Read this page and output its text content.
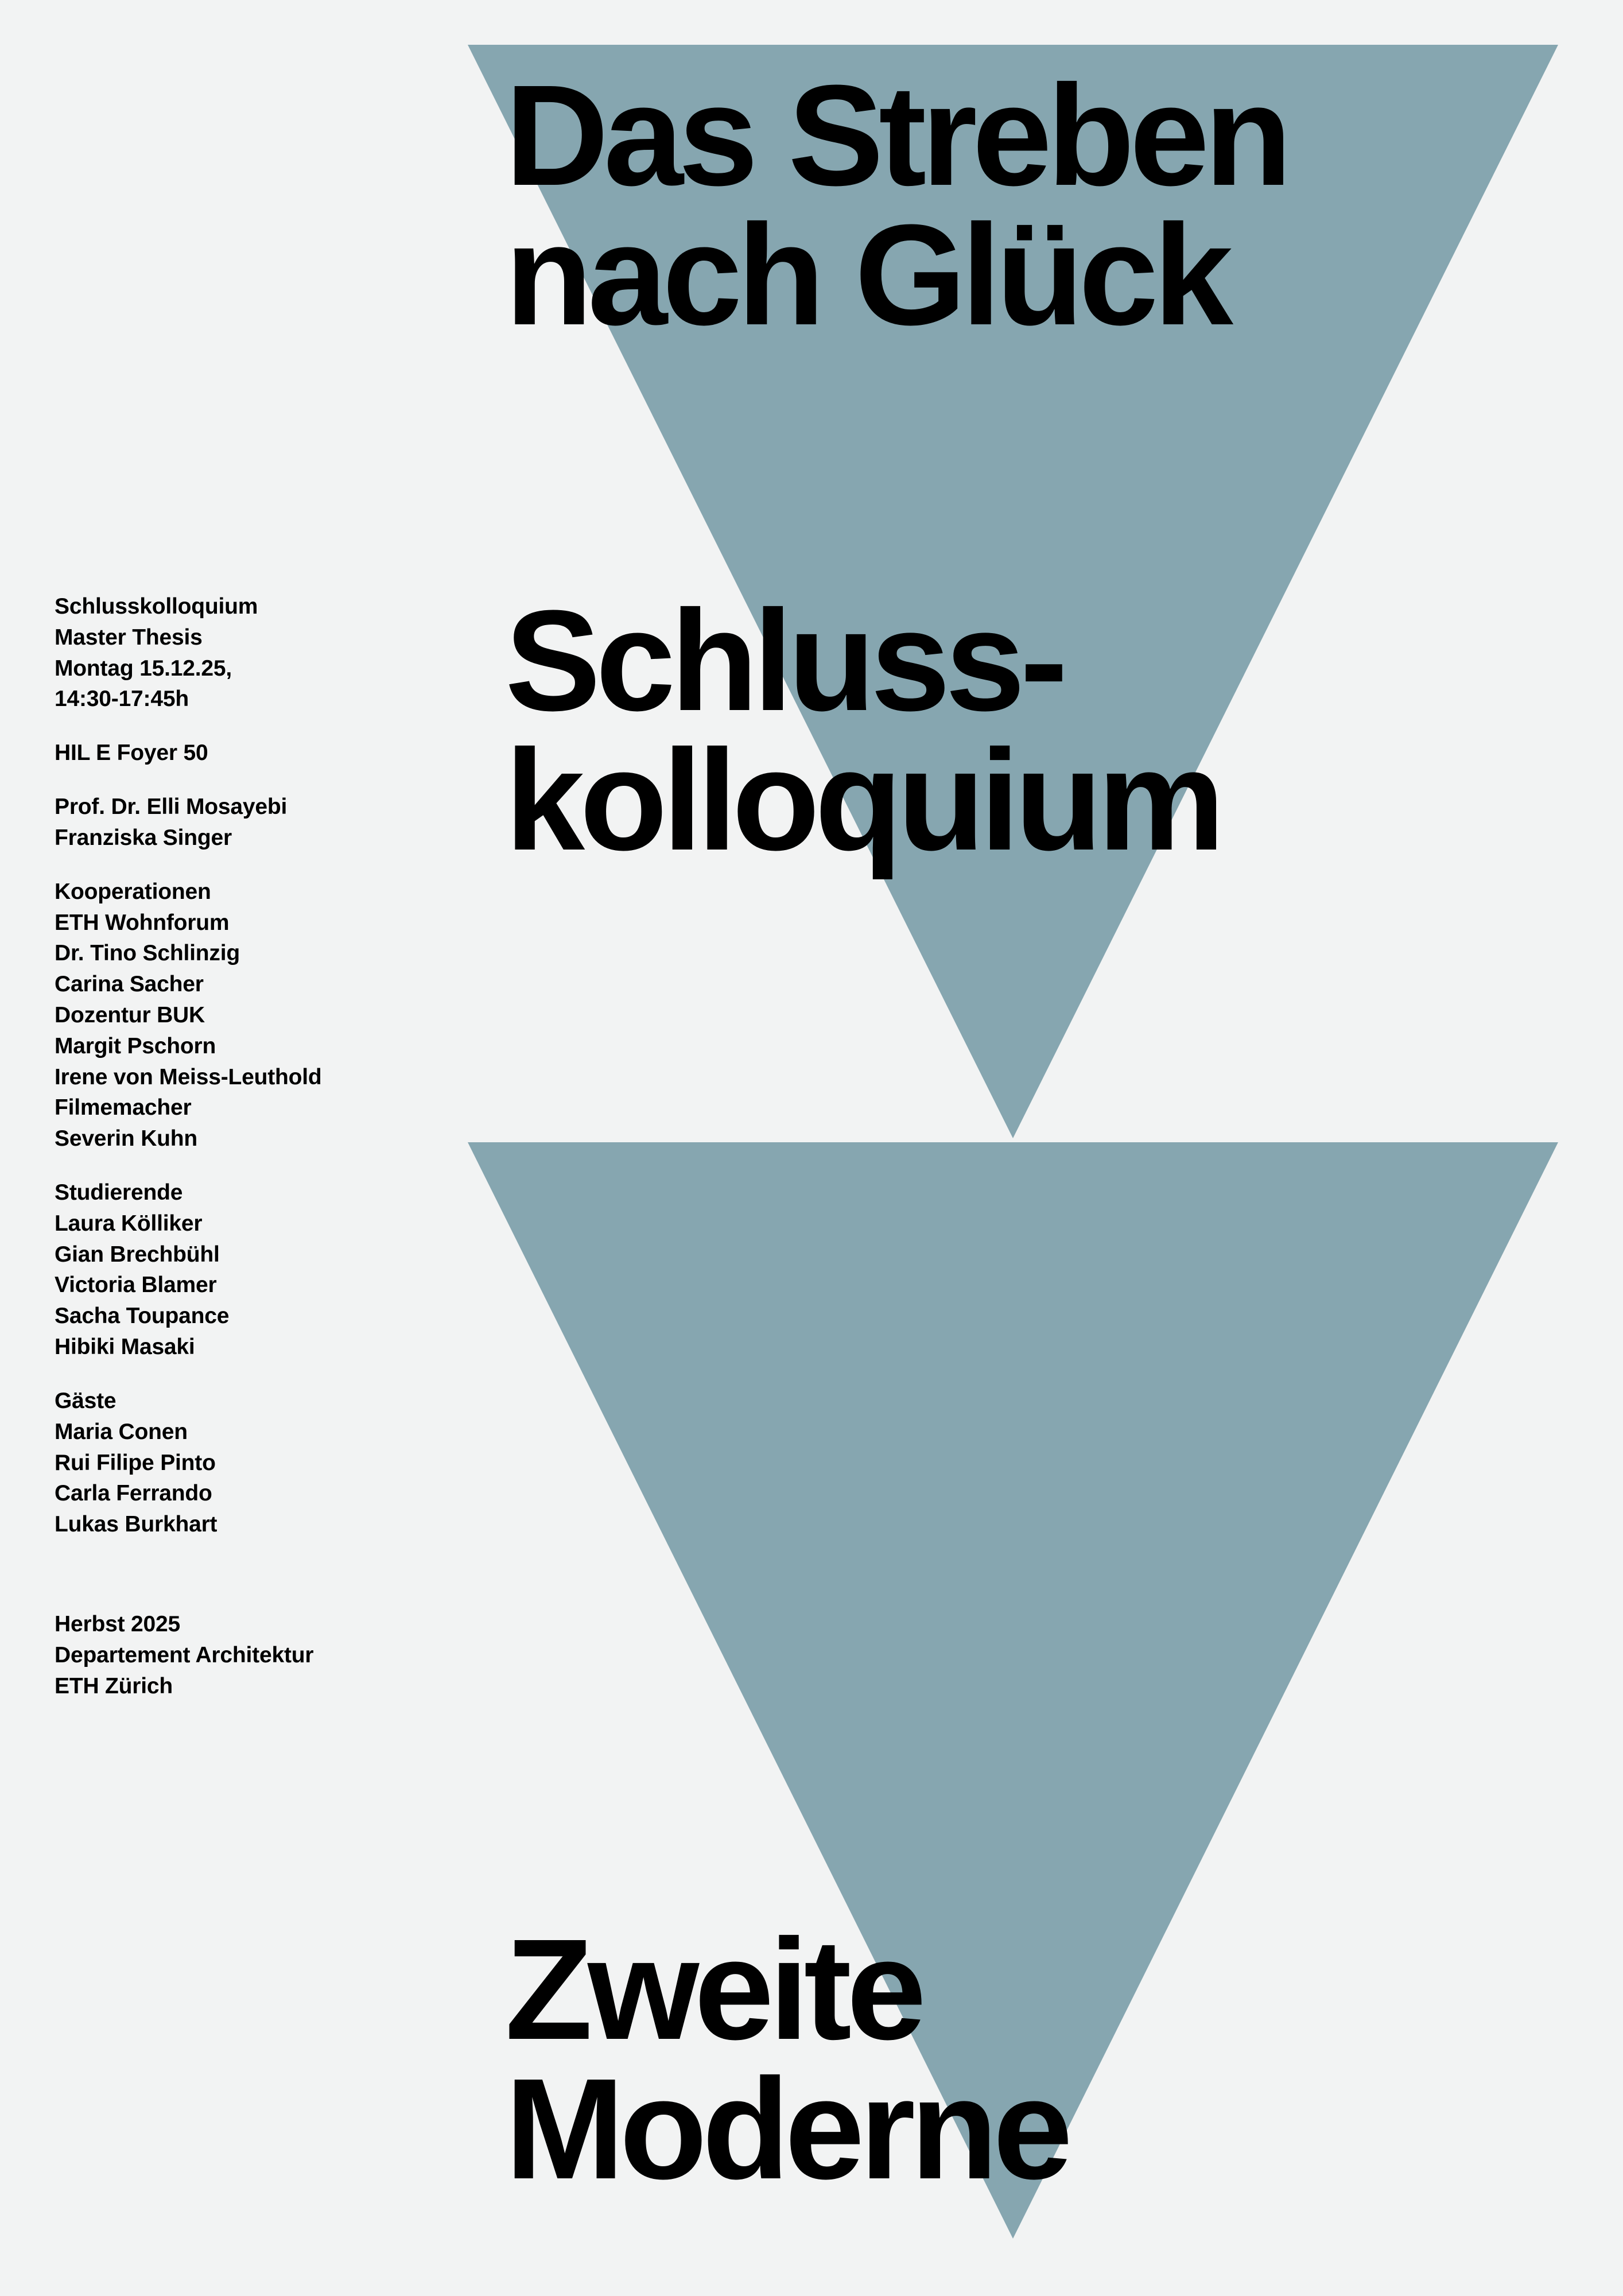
Das Streben
nach Glück
Schluss-
kolloquium
Zweite
Moderne
Schlusskolloquium
Master Thesis
Montag 15.12.25,
14:30-17:45h
HIL E Foyer 50
Prof. Dr. Elli Mosayebi
Franziska Singer
Kooperationen
ETH Wohnforum
Dr. Tino Schlinzig
Carina Sacher
Dozentur BUK
Margit Pschorn
Irene von Meiss-Leuthold
Filmemacher
Severin Kuhn
Studierende
Laura Kölliker
Gian Brechbühl
Victoria Blamer
Sacha Toupance
Hibiki Masaki
Gäste
Maria Conen
Rui Filipe Pinto
Carla Ferrando
Lukas Burkhart
Herbst 2025
Departement Architektur
ETH Zürich
